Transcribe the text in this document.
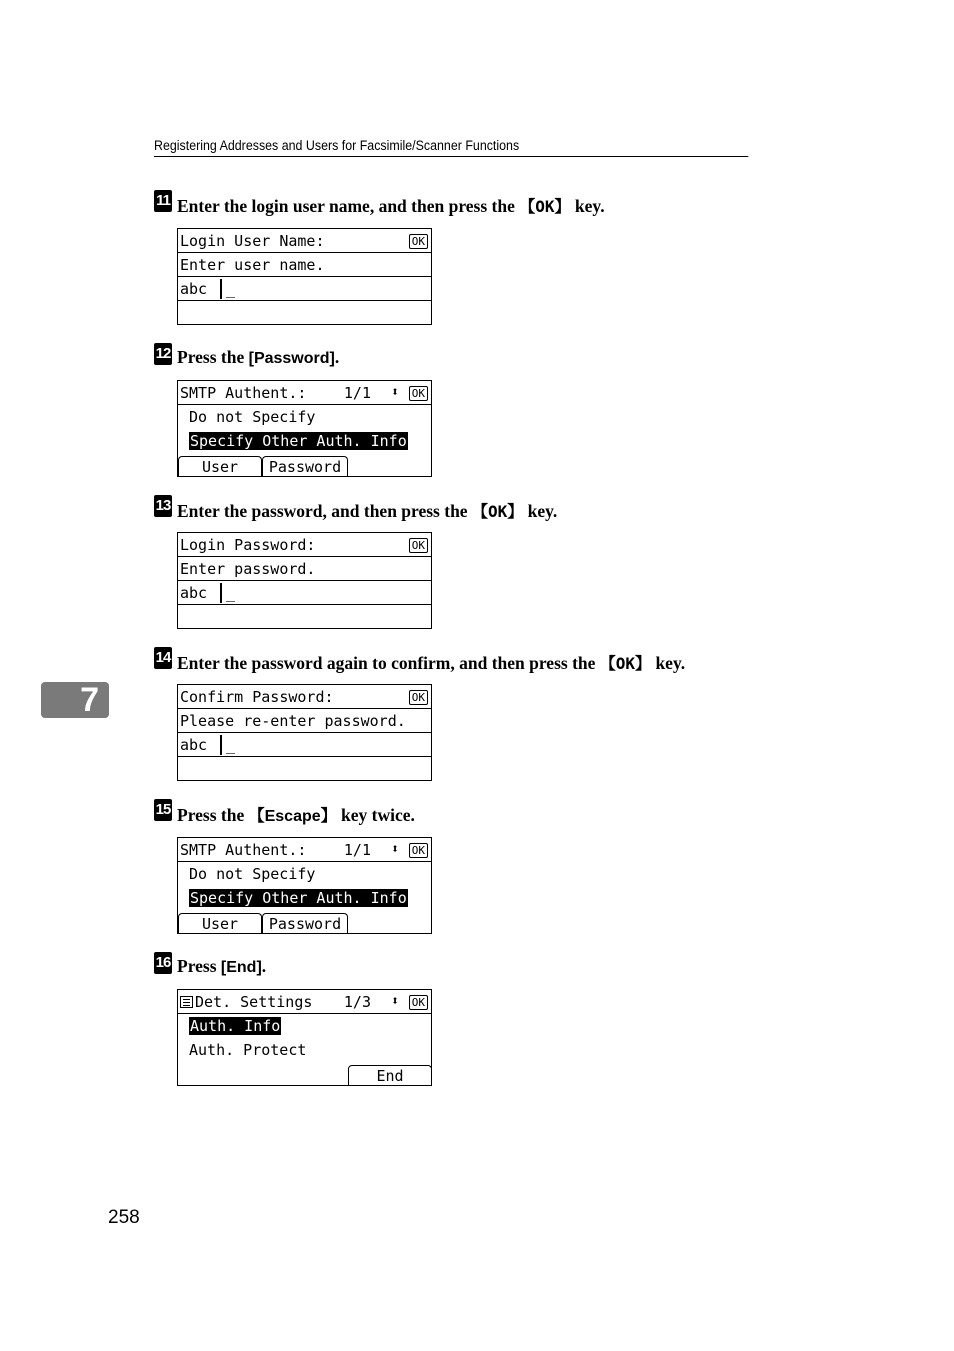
Registering Addresses and Users for Facsimile/Scanner Functions
7
11 Enter the login user name, and then press the 【OK】 key.
Login User Name:	OK
Enter user name.
abc _
12 Press the [Password].
SMTP Authent.: 1/1 ⬍ OK
Do not Specify
Specify Other Auth. Info
User	Password
13 Enter the password, and then press the 【OK】 key.
Login Password:	OK
Enter password.
abc _
14 Enter the password again to confirm, and then press the 【OK】 key.
Confirm Password:	OK
Please re-enter password.
abc _
15 Press the 【Escape】 key twice.
SMTP Authent.: 1/1 ⬍ OK
Do not Specify
Specify Other Auth. Info
User	Password
16 Press [End].
Det. Settings 1/3 ⬍ OK
Auth. Info
Auth. Protect
End
258
